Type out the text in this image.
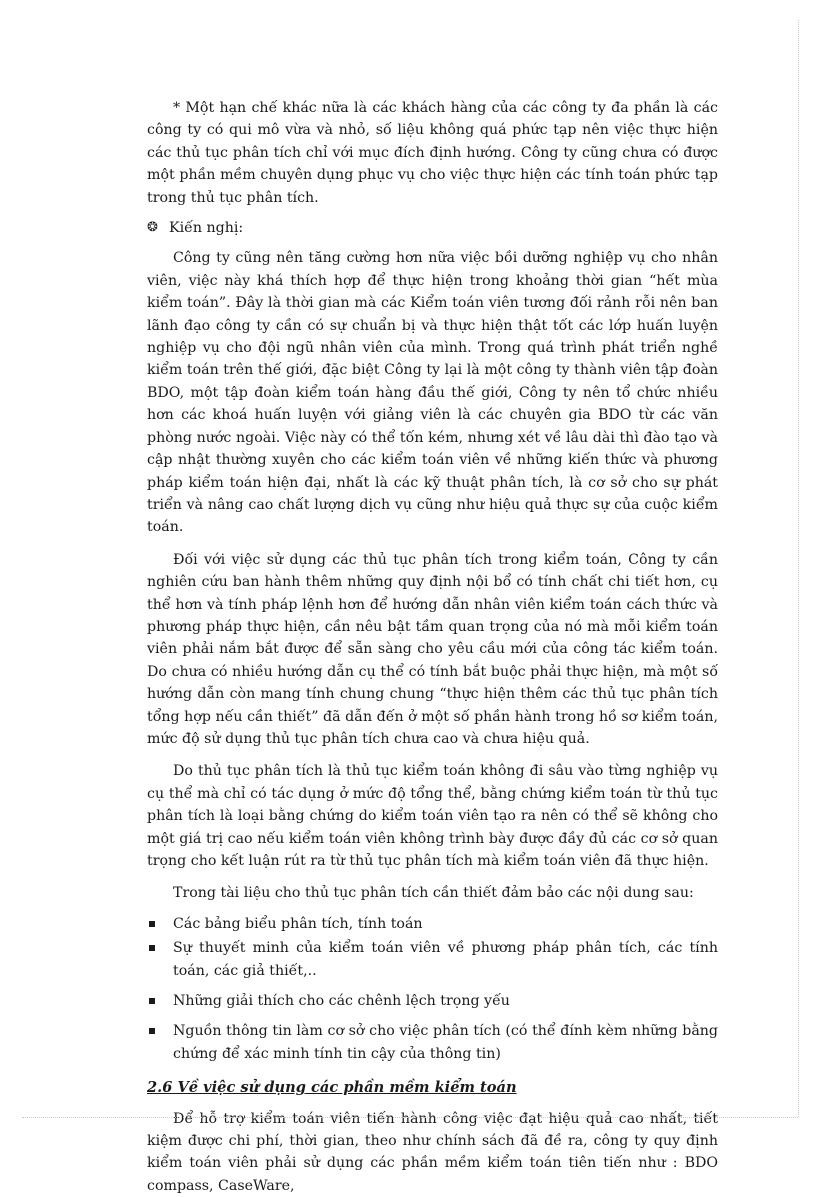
* Một hạn chế khác nữa là các khách hàng của các công ty đa phần là các công ty có qui mô vừa và nhỏ, số liệu không quá phức tạp nên việc thực hiện các thủ tục phân tích chỉ với mục đích định hướng. Công ty cũng chưa có được một phần mềm chuyên dụng phục vụ cho việc thực hiện các tính toán phức tạp trong thủ tục phân tích.

❂ Kiến nghị:

Công ty cũng nên tăng cường hơn nữa việc bồi dưỡng nghiệp vụ cho nhân viên, việc này khá thích hợp để thực hiện trong khoảng thời gian “hết mùa kiểm toán”. Đây là thời gian mà các Kiểm toán viên tương đối rảnh rỗi nên ban lãnh đạo công ty cần có sự chuẩn bị và thực hiện thật tốt các lớp huấn luyện nghiệp vụ cho đội ngũ nhân viên của mình. Trong quá trình phát triển nghề kiểm toán trên thế giới, đặc biệt Công ty lại là một công ty thành viên tập đoàn BDO, một tập đoàn kiểm toán hàng đầu thế giới, Công ty nên tổ chức nhiều hơn các khoá huấn luyện với giảng viên là các chuyên gia BDO từ các văn phòng nước ngoài. Việc này có thể tốn kém, nhưng xét về lâu dài thì đào tạo và cập nhật thường xuyên cho các kiểm toán viên về những kiến thức và phương pháp kiểm toán hiện đại, nhất là các kỹ thuật phân tích, là cơ sở cho sự phát triển và nâng cao chất lượng dịch vụ cũng như hiệu quả thực sự của cuộc kiểm toán.

Đối với việc sử dụng các thủ tục phân tích trong kiểm toán, Công ty cần nghiên cứu ban hành thêm những quy định nội bổ có tính chất chi tiết hơn, cụ thể hơn và tính pháp lệnh hơn để hướng dẫn nhân viên kiểm toán cách thức và phương pháp thực hiện, cần nêu bật tầm quan trọng của nó mà mỗi kiểm toán viên phải nắm bắt được để sẵn sàng cho yêu cầu mới của công tác kiểm toán. Do chưa có nhiều hướng dẫn cụ thể có tính bắt buộc phải thực hiện, mà một số hướng dẫn còn mang tính chung chung “thực hiện thêm các thủ tục phân tích tổng hợp nếu cần thiết” đã dẫn đến ở một số phần hành trong hồ sơ kiểm toán, mức độ sử dụng thủ tục phân tích chưa cao và chưa hiệu quả.

Do thủ tục phân tích là thủ tục kiểm toán không đi sâu vào từng nghiệp vụ cụ thể mà chỉ có tác dụng ở mức độ tổng thể, bằng chứng kiểm toán từ thủ tục phân tích là loại bằng chứng do kiểm toán viên tạo ra nên có thể sẽ không cho một giá trị cao nếu kiểm toán viên không trình bày được đầy đủ các cơ sở quan trọng cho kết luận rút ra từ thủ tục phân tích mà kiểm toán viên đã thực hiện.

Trong tài liệu cho thủ tục phân tích cần thiết đảm bảo các nội dung sau:

Các bảng biểu phân tích, tính toán
Sự thuyết minh của kiểm toán viên về phương pháp phân tích, các tính toán, các giả thiết,..
Những giải thích cho các chênh lệch trọng yếu
Nguồn thông tin làm cơ sở cho việc phân tích (có thể đính kèm những bằng chứng để xác minh tính tin cậy của thông tin)
2.6 Về việc sử dụng các phần mềm kiểm toán

Để hỗ trợ kiểm toán viên tiến hành công việc đạt hiệu quả cao nhất, tiết kiệm được chi phí, thời gian, theo như chính sách đã đề ra, công ty quy định kiểm toán viên phải sử dụng các phần mềm kiểm toán tiên tiến như : BDO compass, CaseWare,
